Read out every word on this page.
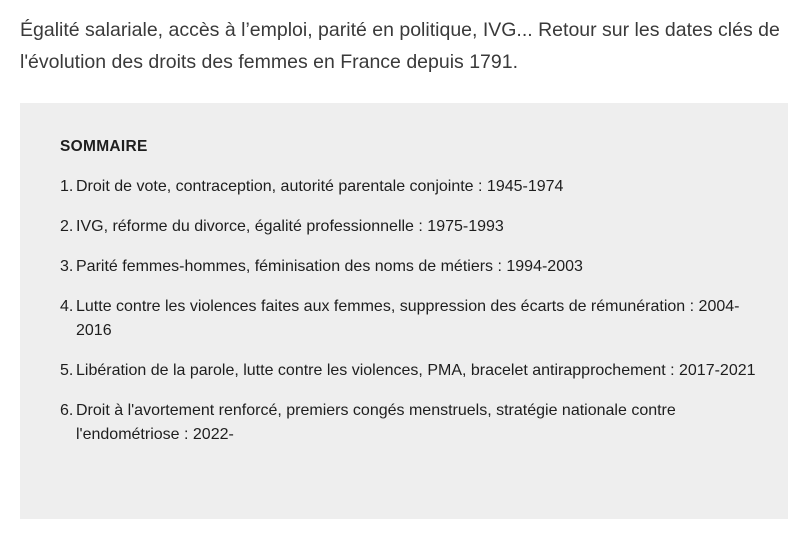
Égalité salariale, accès à l’emploi, parité en politique, IVG... Retour sur les dates clés de l'évolution des droits des femmes en France depuis 1791.

SOMMAIRE
1. Droit de vote, contraception, autorité parentale conjointe : 1945-1974
2. IVG, réforme du divorce, égalité professionnelle : 1975-1993
3. Parité femmes-hommes, féminisation des noms de métiers : 1994-2003
4. Lutte contre les violences faites aux femmes, suppression des écarts de rémunération : 2004-2016
5. Libération de la parole, lutte contre les violences, PMA, bracelet antirapprochement : 2017-2021
6. Droit à l'avortement renforcé, premiers congés menstruels, stratégie nationale contre l'endométriose : 2022-
